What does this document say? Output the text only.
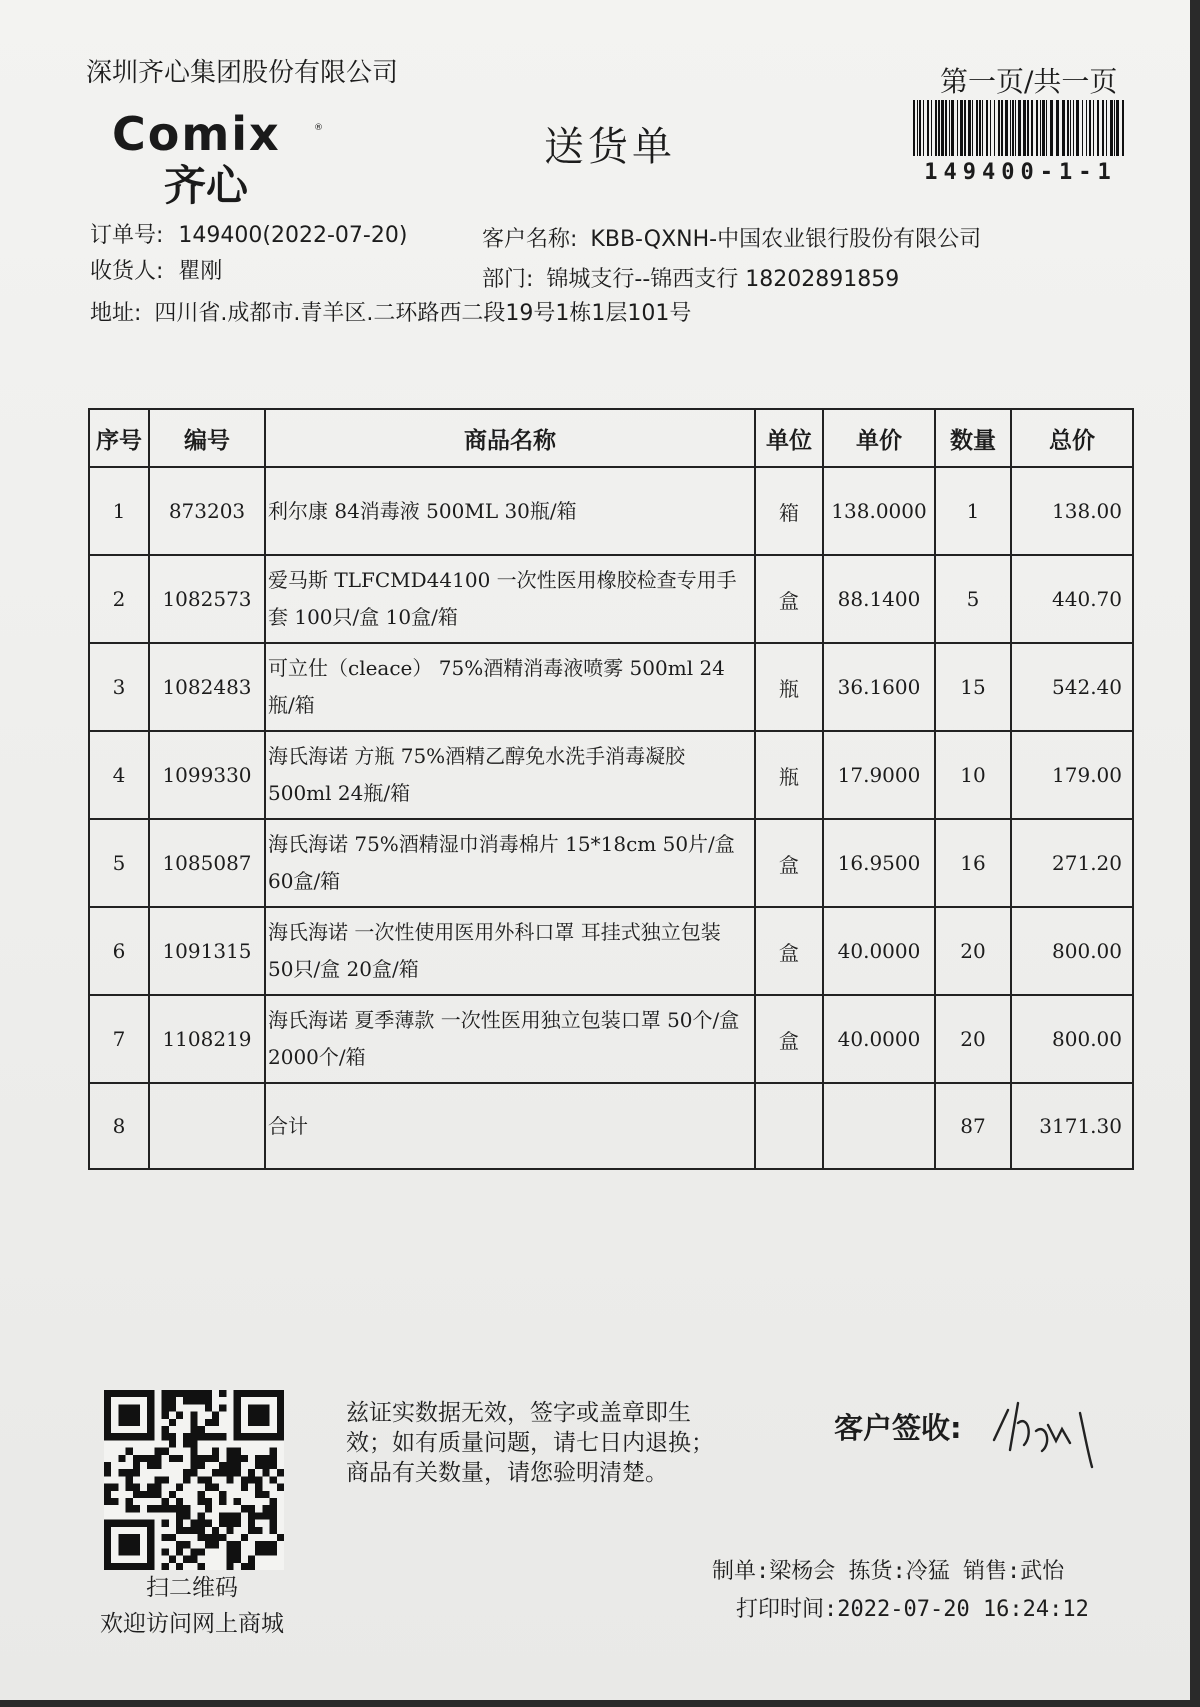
深圳齐心集团股份有限公司	第一页/共一页
Comix	®
齐心
送货单
149400-1-1
订单号: 149400(2022-07-20)
收货人: 瞿刚
地址: 四川省.成都市.青羊区.二环路西二段19号1栋1层101号
客户名称: KBB-QXNH-中国农业银行股份有限公司
部门: 锦城支行--锦西支行 18202891859
序号	编号	商品名称	单位	单价	数量	总价
1	873203	利尔康 84消毒液 500ML 30瓶/箱	箱	138.0000	1	138.00
2	1082573	爱马斯 TLFCMD44100 一次性医用橡胶检查专用手套 100只/盒 10盒/箱	盒	88.1400	5	440.70
3	1082483	可立仕（cleace） 75%酒精消毒液喷雾 500ml 24瓶/箱	瓶	36.1600	15	542.40
4	1099330	海氏海诺 方瓶 75%酒精乙醇免水洗手消毒凝胶 500ml 24瓶/箱	瓶	17.9000	10	179.00
5	1085087	海氏海诺 75%酒精湿巾消毒棉片 15*18cm 50片/盒 60盒/箱	盒	16.9500	16	271.20
6	1091315	海氏海诺 一次性使用医用外科口罩 耳挂式独立包装 50只/盒 20盒/箱	盒	40.0000	20	800.00
7	1108219	海氏海诺 夏季薄款 一次性医用独立包装口罩 50个/盒 2000个/箱	盒	40.0000	20	800.00
8		合计			87	3171.30
扫二维码
欢迎访问网上商城
兹证实数据无效，签字或盖章即生
效；如有质量问题，请七日内退换；
商品有关数量，请您验明清楚。
客户签收:
制单:梁杨会 拣货:冷猛 销售:武怡
打印时间:2022-07-20 16:24:12
